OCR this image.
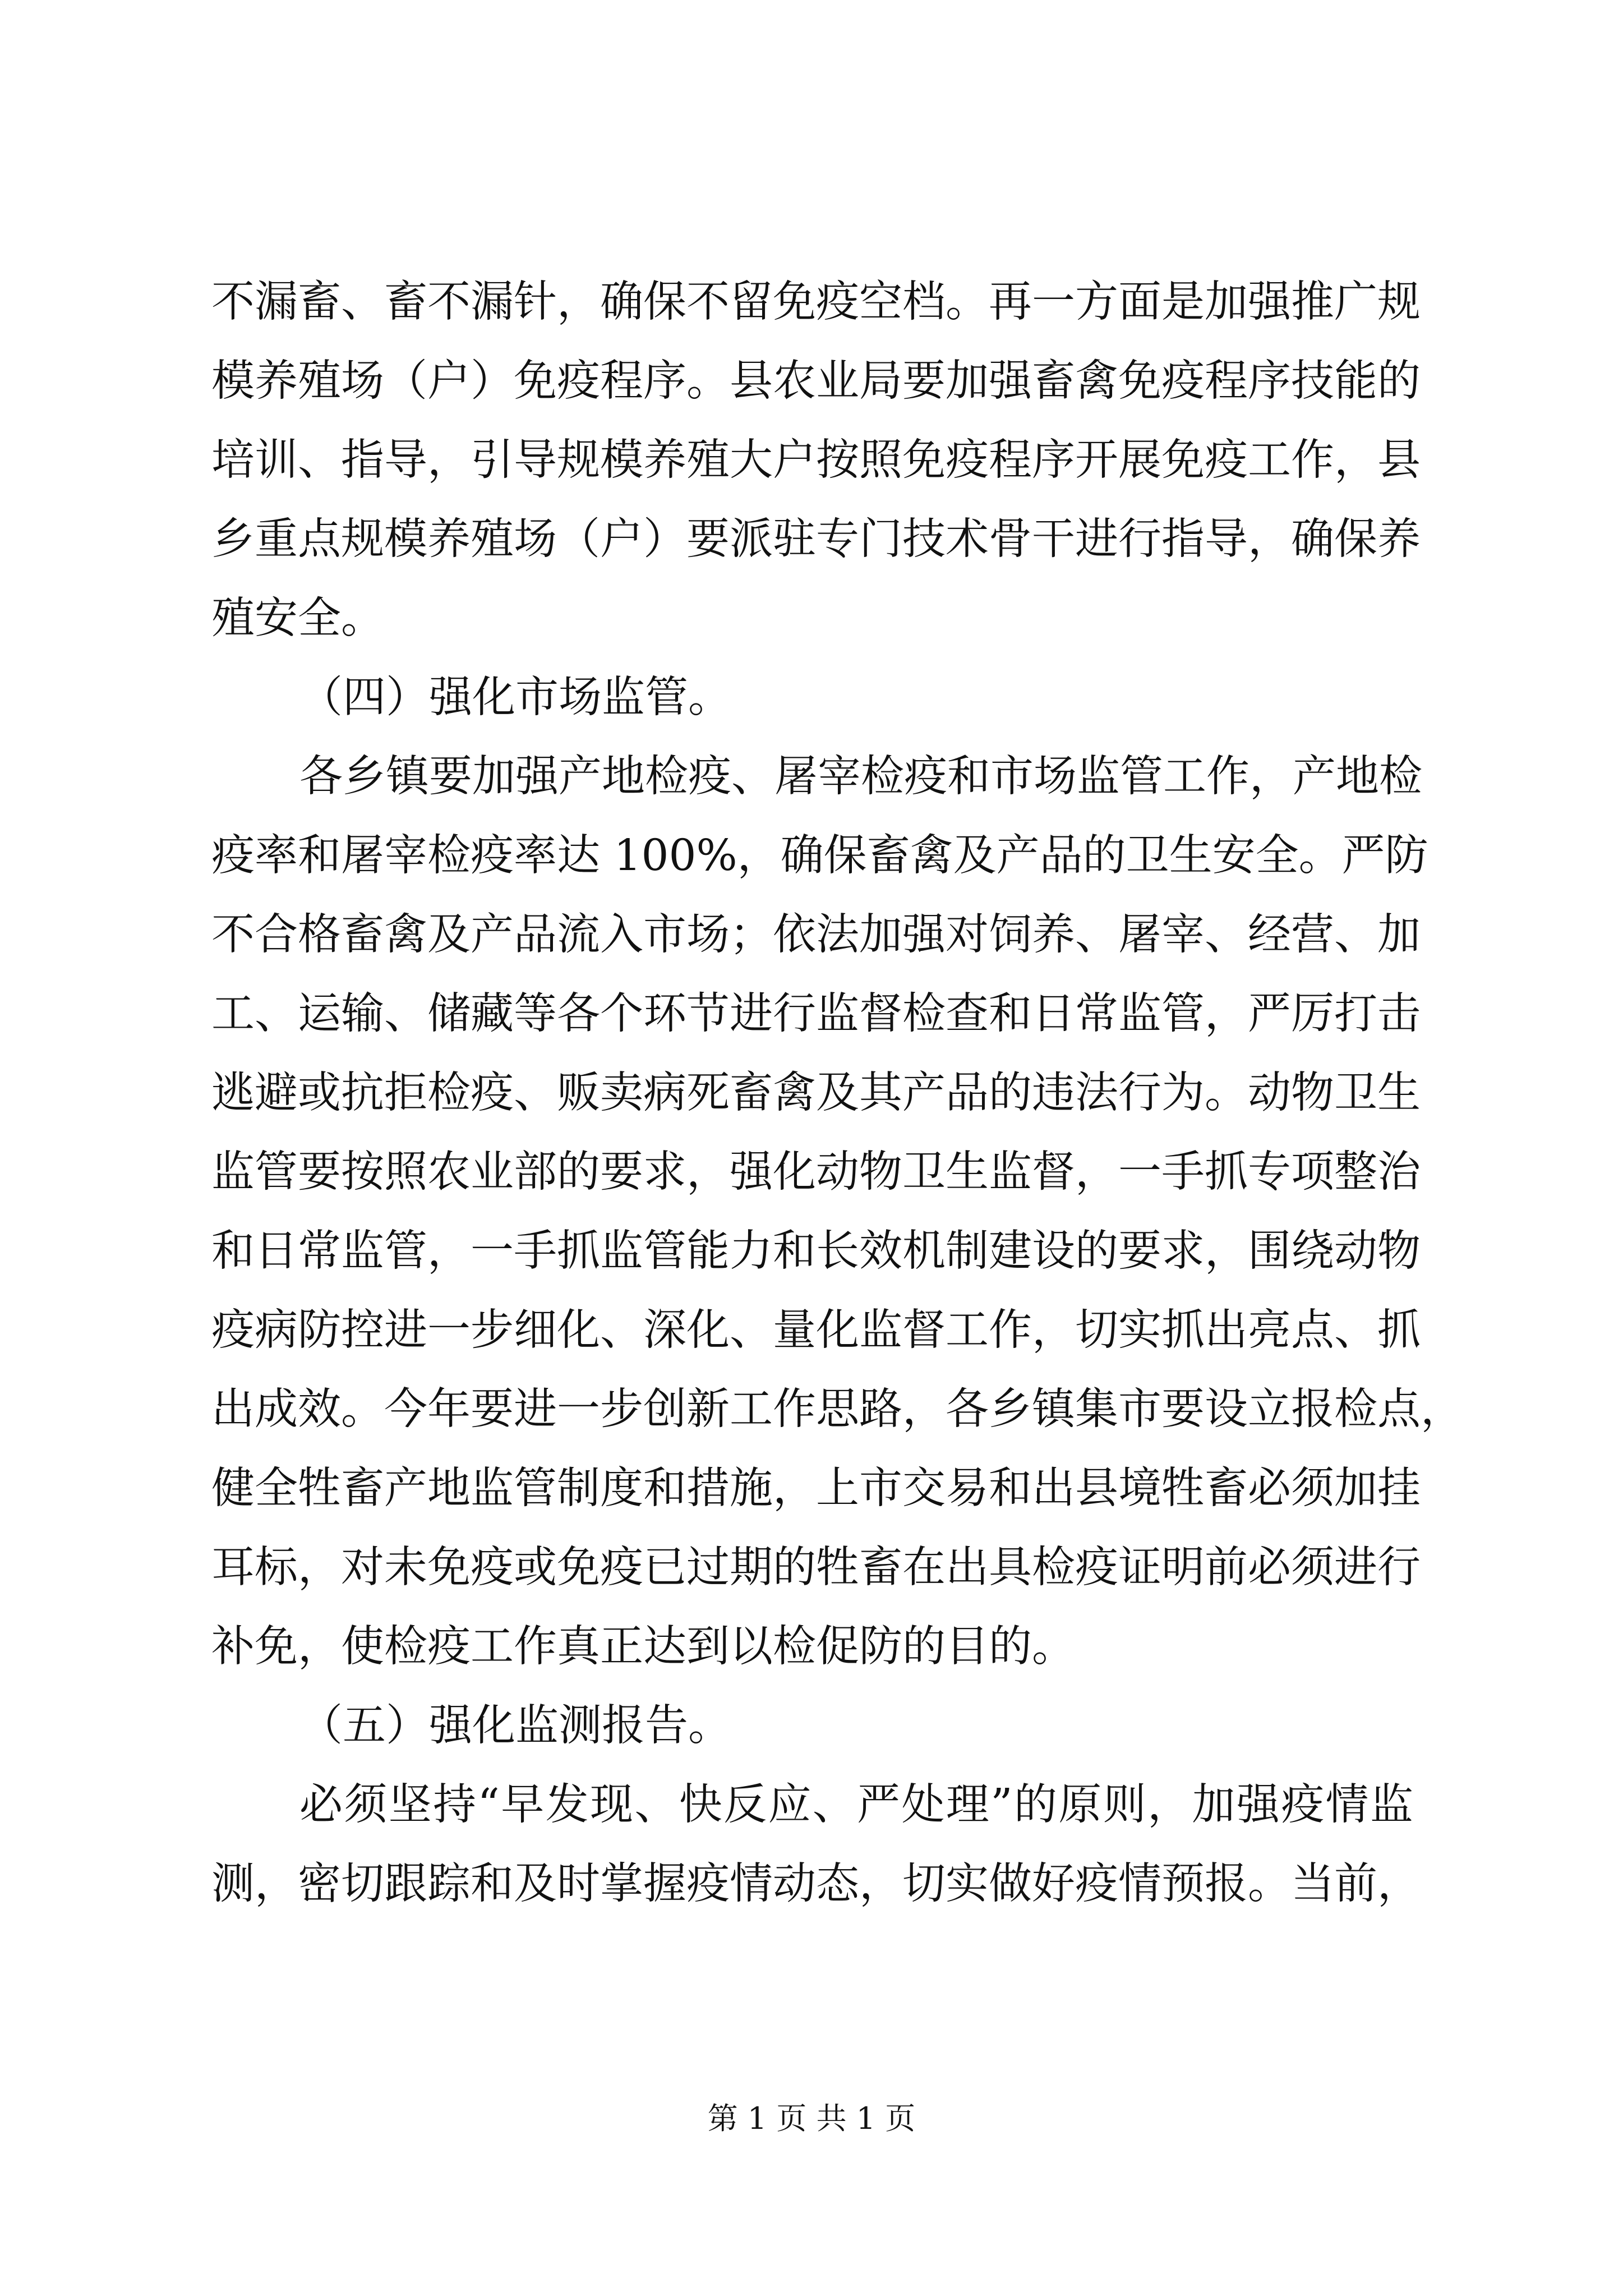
不漏畜、畜不漏针，确保不留免疫空档。再一方面是加强推广规
模养殖场（户）免疫程序。县农业局要加强畜禽免疫程序技能的
培训、指导，引导规模养殖大户按照免疫程序开展免疫工作，县
乡重点规模养殖场（户）要派驻专门技术骨干进行指导，确保养
殖安全。
（四）强化市场监管。
各乡镇要加强产地检疫、屠宰检疫和市场监管工作，产地检
疫率和屠宰检疫率达 100%，确保畜禽及产品的卫生安全。严防
不合格畜禽及产品流入市场；依法加强对饲养、屠宰、经营、加
工、运输、储藏等各个环节进行监督检查和日常监管，严厉打击
逃避或抗拒检疫、贩卖病死畜禽及其产品的违法行为。动物卫生
监管要按照农业部的要求，强化动物卫生监督，一手抓专项整治
和日常监管，一手抓监管能力和长效机制建设的要求，围绕动物
疫病防控进一步细化、深化、量化监督工作，切实抓出亮点、抓
出成效。今年要进一步创新工作思路，各乡镇集市要设立报检点，
健全牲畜产地监管制度和措施，上市交易和出县境牲畜必须加挂
耳标，对未免疫或免疫已过期的牲畜在出具检疫证明前必须进行
补免，使检疫工作真正达到以检促防的目的。
（五）强化监测报告。
必须坚持“早发现、快反应、严处理”的原则，加强疫情监
测，密切跟踪和及时掌握疫情动态，切实做好疫情预报。当前，
第 1 页 共 1 页
